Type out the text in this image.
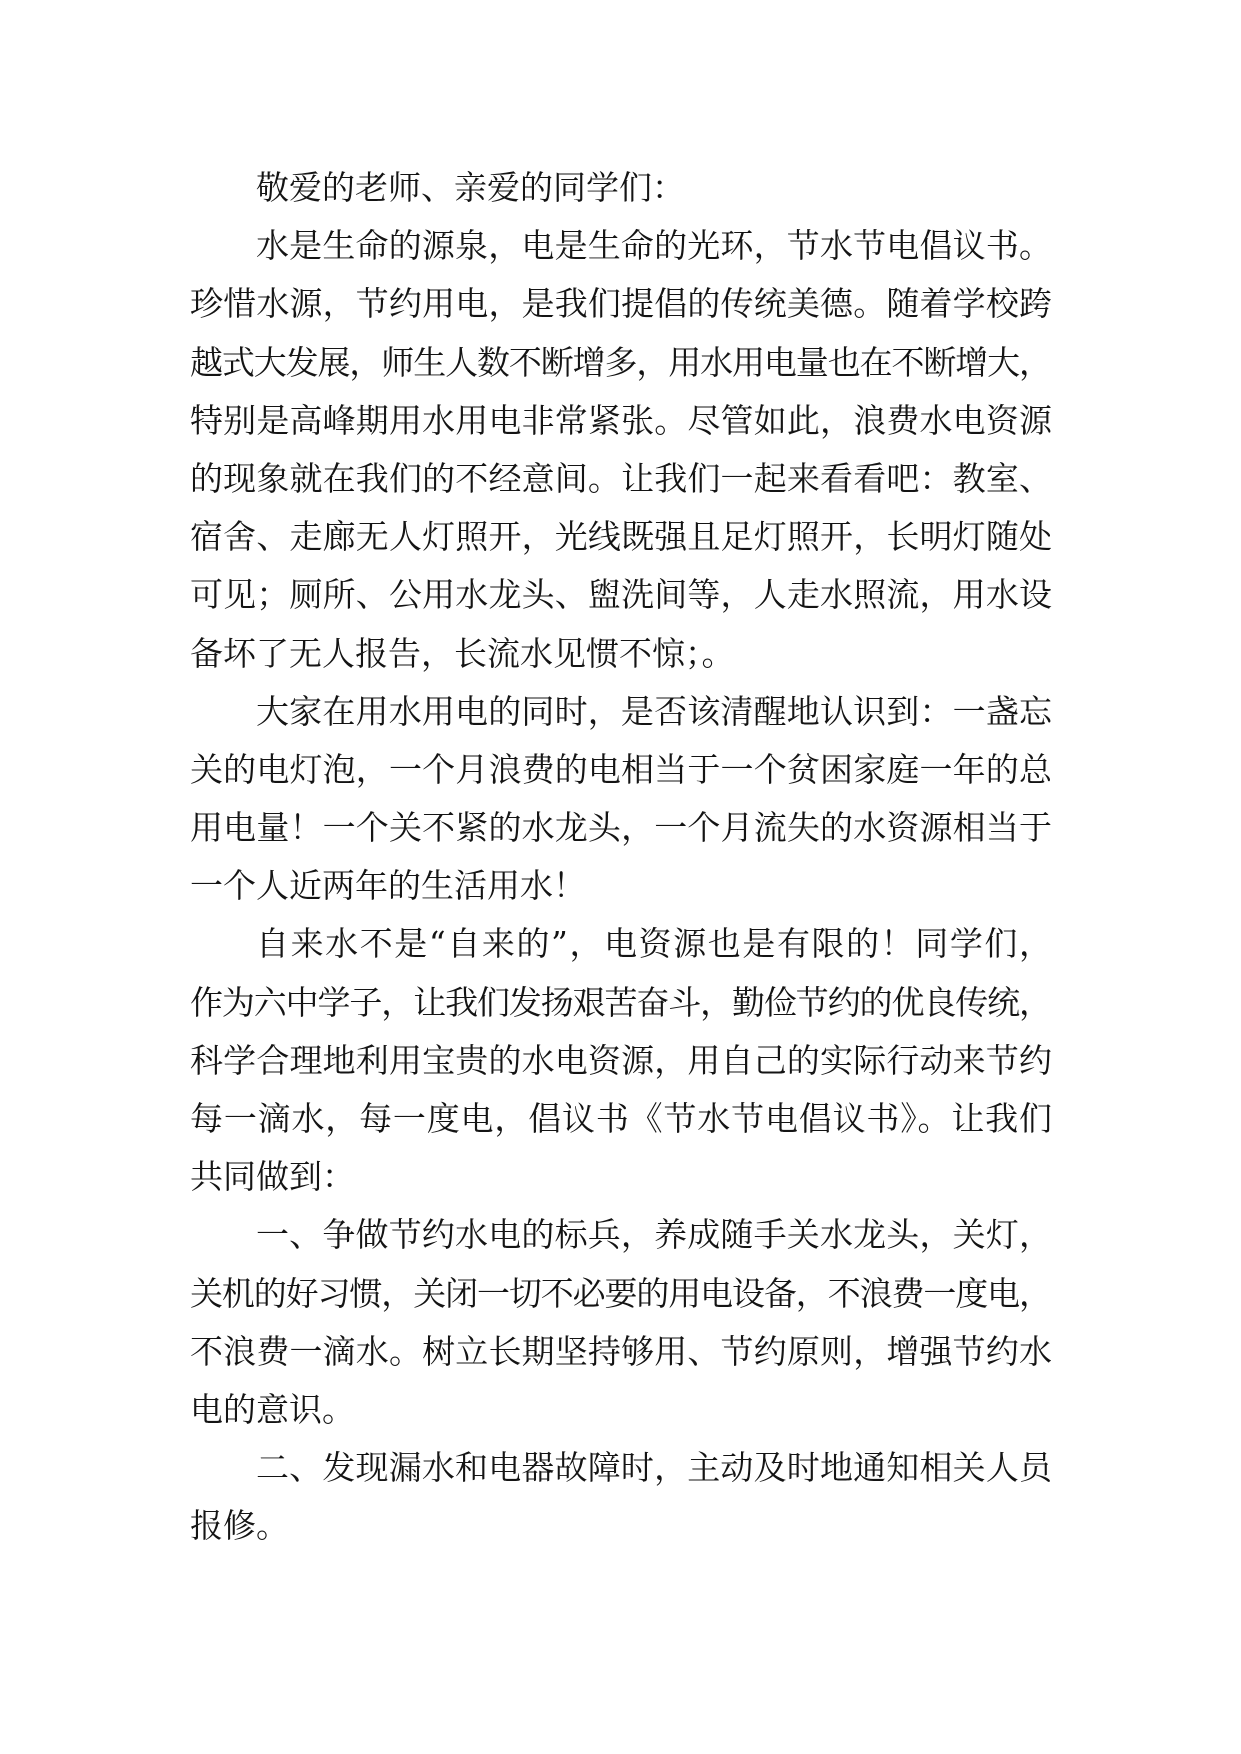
敬爱的老师、亲爱的同学们：
水是生命的源泉，电是生命的光环，节水节电倡议书。
珍惜水源，节约用电，是我们提倡的传统美德。随着学校跨
越式大发展，师生人数不断增多，用水用电量也在不断增大，
特别是高峰期用水用电非常紧张。尽管如此，浪费水电资源
的现象就在我们的不经意间。让我们一起来看看吧：教室、
宿舍、走廊无人灯照开，光线既强且足灯照开，长明灯随处
可见；厕所、公用水龙头、盥洗间等，人走水照流，用水设
备坏了无人报告，长流水见惯不惊；。
大家在用水用电的同时，是否该清醒地认识到：一盏忘
关的电灯泡，一个月浪费的电相当于一个贫困家庭一年的总
用电量！一个关不紧的水龙头，一个月流失的水资源相当于
一个人近两年的生活用水！
自来水不是“自来的”，电资源也是有限的！同学们，
作为六中学子，让我们发扬艰苦奋斗，勤俭节约的优良传统，
科学合理地利用宝贵的水电资源，用自己的实际行动来节约
每一滴水，每一度电，倡议书《节水节电倡议书》。让我们
共同做到：
一、争做节约水电的标兵，养成随手关水龙头，关灯，
关机的好习惯，关闭一切不必要的用电设备，不浪费一度电，
不浪费一滴水。树立长期坚持够用、节约原则，增强节约水
电的意识。
二、发现漏水和电器故障时，主动及时地通知相关人员
报修。
